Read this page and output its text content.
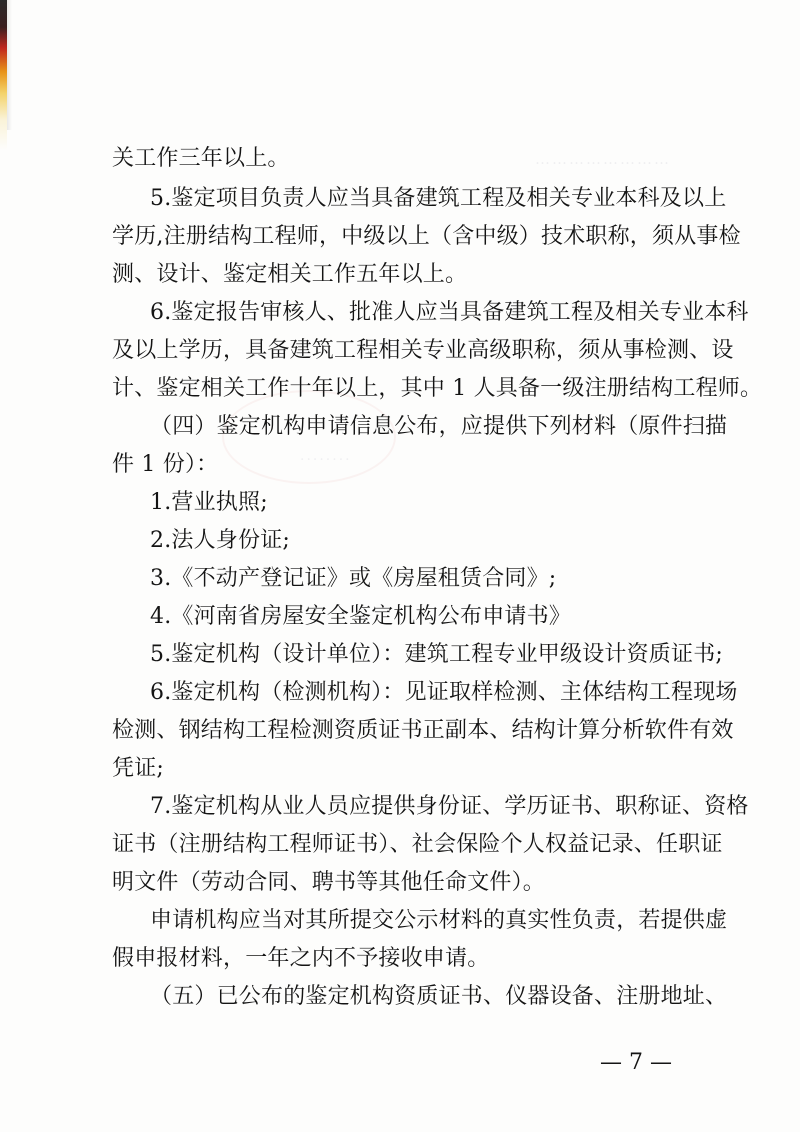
……………………
········
关工作三年以上。
5.鉴定项目负责人应当具备建筑工程及相关专业本科及以上
学历,注册结构工程师，中级以上（含中级）技术职称，须从事检
测、设计、鉴定相关工作五年以上。
6.鉴定报告审核人、批准人应当具备建筑工程及相关专业本科
及以上学历，具备建筑工程相关专业高级职称，须从事检测、设
计、鉴定相关工作十年以上，其中 1 人具备一级注册结构工程师。
（四）鉴定机构申请信息公布，应提供下列材料（原件扫描
件 1 份）：
1.营业执照;
2.法人身份证;
3.《不动产登记证》或《房屋租赁合同》;
4.《河南省房屋安全鉴定机构公布申请书》
5.鉴定机构（设计单位）：建筑工程专业甲级设计资质证书;
6.鉴定机构（检测机构）：见证取样检测、主体结构工程现场
检测、钢结构工程检测资质证书正副本、结构计算分析软件有效
凭证;
7.鉴定机构从业人员应提供身份证、学历证书、职称证、资格
证书（注册结构工程师证书）、社会保险个人权益记录、任职证
明文件（劳动合同、聘书等其他任命文件）。
申请机构应当对其所提交公示材料的真实性负责，若提供虚
假申报材料，一年之内不予接收申请。
（五）已公布的鉴定机构资质证书、仪器设备、注册地址、
— 7 —
